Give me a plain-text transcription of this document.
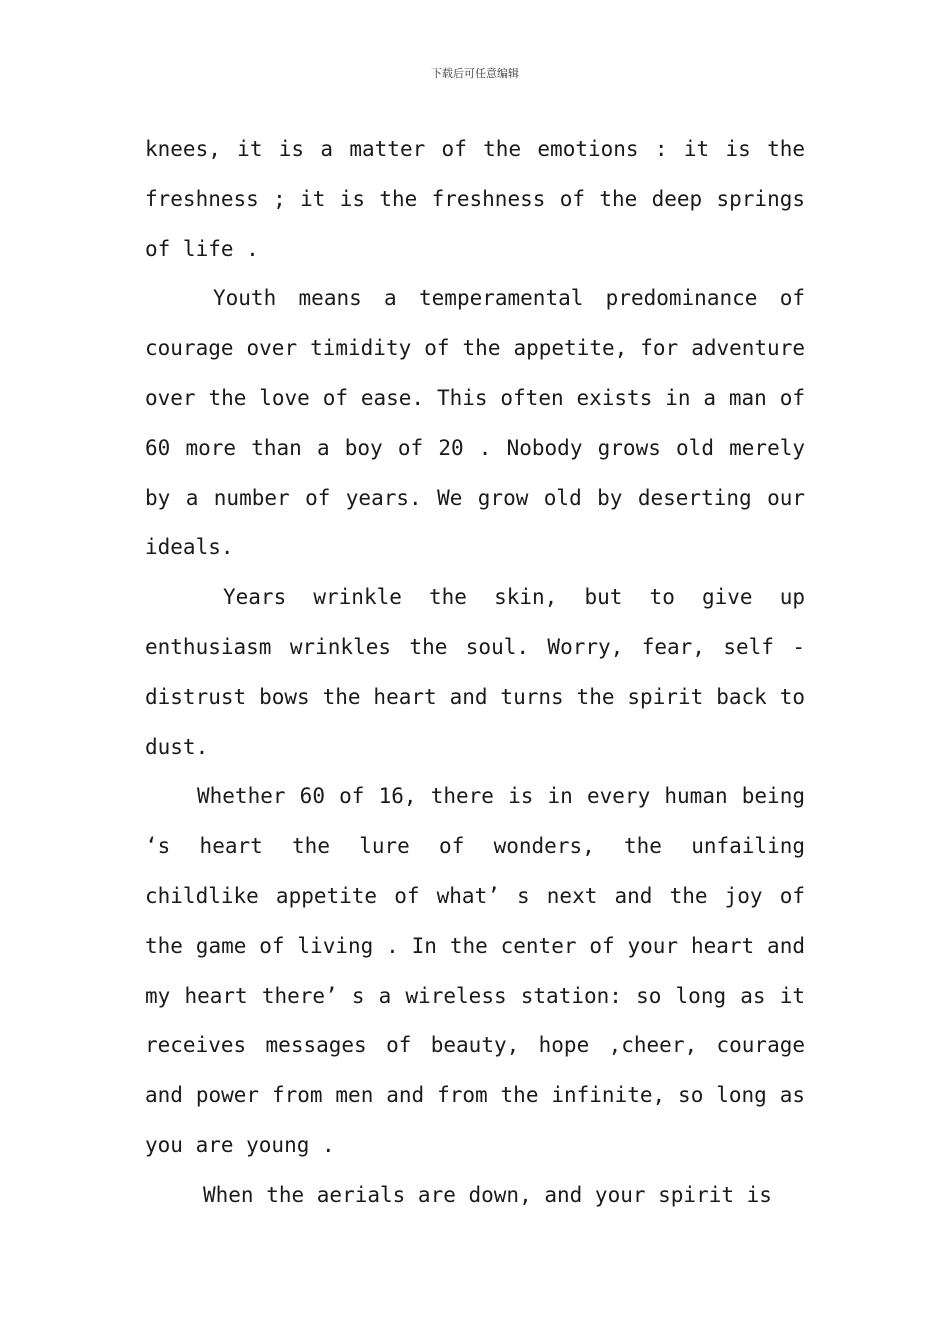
下载后可任意编辑

knees, it is a matter of the emotions : it is the freshness ; it is the freshness of the deep springs of life .

Youth means a temperamental predominance of courage over timidity of the appetite, for adventure over the love of ease. This often exists in a man of 60 more than a boy of 20 . Nobody grows old merely by a number of years. We grow old by deserting our ideals.

Years wrinkle the skin, but to give up enthusiasm wrinkles the soul. Worry, fear, self - distrust bows the heart and turns the spirit back to dust.

Whether 60 of 16, there is in every human being ‘s heart the lure of wonders, the unfailing childlike appetite of what’ s next and the joy of the game of living . In the center of your heart and my heart there’ s a wireless station: so long as it receives messages of beauty, hope ,cheer, courage and power from men and from the infinite, so long as you are young .

When the aerials are down, and your spirit is
